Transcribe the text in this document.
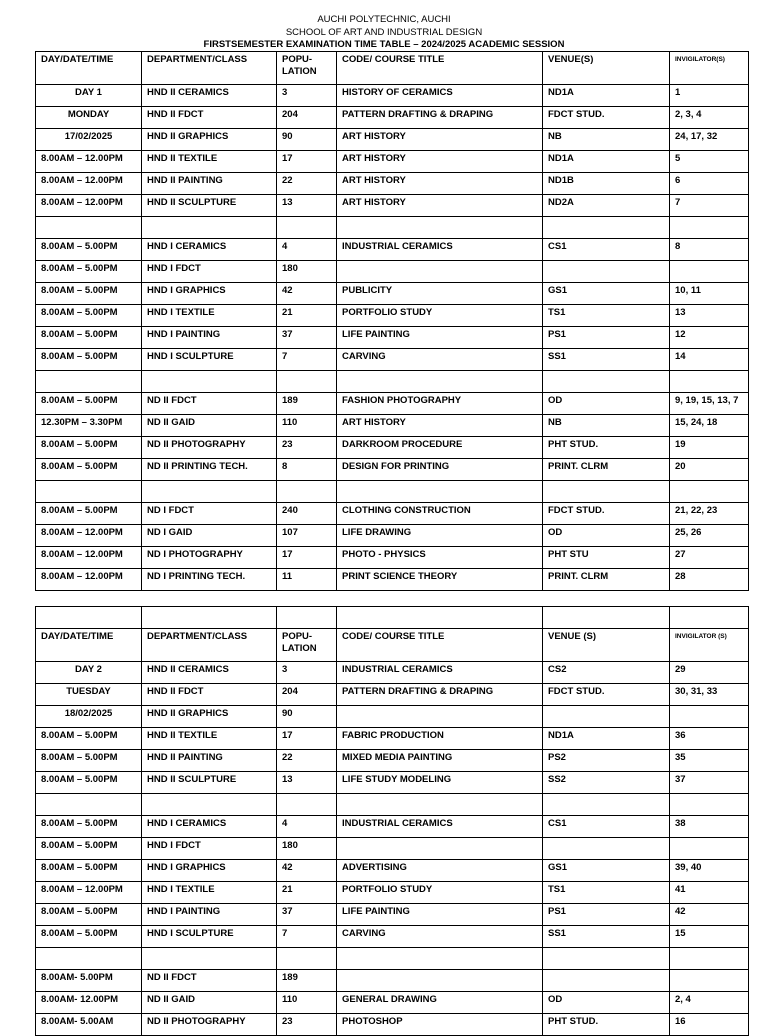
AUCHI POLYTECHNIC, AUCHI
SCHOOL OF ART AND INDUSTRIAL DESIGN
FIRSTSEMESTER EXAMINATION TIME TABLE – 2024/2025 ACADEMIC SESSION
DAY/DATE/TIME	DEPARTMENT/CLASS	POPU-LATION	CODE/ COURSE TITLE	VENUE(S)	INVIGILATOR(S)
DAY 1	HND II CERAMICS	3	HISTORY OF CERAMICS	ND1A	1
MONDAY	HND II FDCT	204	PATTERN DRAFTING & DRAPING	FDCT STUD.	2, 3, 4
17/02/2025	HND II GRAPHICS	90	ART HISTORY	NB	24, 17, 32
8.00AM – 12.00PM	HND II TEXTILE	17	ART HISTORY	ND1A	5
8.00AM – 12.00PM	HND II PAINTING	22	ART HISTORY	ND1B	6
8.00AM – 12.00PM	HND II SCULPTURE	13	ART HISTORY	ND2A	7

8.00AM – 5.00PM	HND I CERAMICS	4	INDUSTRIAL CERAMICS	CS1	8
8.00AM – 5.00PM	HND I FDCT	180			
8.00AM – 5.00PM	HND I GRAPHICS	42	PUBLICITY	GS1	10, 11
8.00AM – 5.00PM	HND I TEXTILE	21	PORTFOLIO STUDY	TS1	13
8.00AM – 5.00PM	HND I PAINTING	37	LIFE PAINTING	PS1	12
8.00AM – 5.00PM	HND I SCULPTURE	7	CARVING	SS1	14

8.00AM – 5.00PM	ND II FDCT	189	FASHION PHOTOGRAPHY	OD	9, 19, 15, 13, 7
12.30PM – 3.30PM	ND II GAID	110	ART HISTORY	NB	15, 24, 18
8.00AM – 5.00PM	ND II PHOTOGRAPHY	23	DARKROOM PROCEDURE	PHT STUD.	19
8.00AM – 5.00PM	ND II PRINTING TECH.	8	DESIGN FOR PRINTING	PRINT. CLRM	20

8.00AM – 5.00PM	ND I FDCT	240	CLOTHING CONSTRUCTION	FDCT STUD.	21, 22, 23
8.00AM – 12.00PM	ND I GAID	107	LIFE DRAWING	OD	25, 26
8.00AM – 12.00PM	ND I PHOTOGRAPHY	17	PHOTO - PHYSICS	PHT STU	27
8.00AM – 12.00PM	ND I PRINTING TECH.	11	PRINT SCIENCE THEORY	PRINT. CLRM	28

DAY/DATE/TIME	DEPARTMENT/CLASS	POPU-LATION	CODE/ COURSE TITLE	VENUE (S)	INVIGILATOR (S)
DAY 2	HND II CERAMICS	3	INDUSTRIAL CERAMICS	CS2	29
TUESDAY	HND II FDCT	204	PATTERN DRAFTING & DRAPING	FDCT STUD.	30, 31, 33
18/02/2025	HND II GRAPHICS	90			
8.00AM – 5.00PM	HND II TEXTILE	17	FABRIC PRODUCTION	ND1A	36
8.00AM – 5.00PM	HND II PAINTING	22	MIXED MEDIA PAINTING	PS2	35
8.00AM – 5.00PM	HND II SCULPTURE	13	LIFE STUDY MODELING	SS2	37

8.00AM – 5.00PM	HND I CERAMICS	4	INDUSTRIAL CERAMICS	CS1	38
8.00AM – 5.00PM	HND I FDCT	180			
8.00AM – 5.00PM	HND I GRAPHICS	42	ADVERTISING	GS1	39, 40
8.00AM – 12.00PM	HND I TEXTILE	21	PORTFOLIO STUDY	TS1	41
8.00AM – 5.00PM	HND I PAINTING	37	LIFE PAINTING	PS1	42
8.00AM – 5.00PM	HND I SCULPTURE	7	CARVING	SS1	15

8.00AM- 5.00PM	ND II FDCT	189			
8.00AM- 12.00PM	ND II GAID	110	GENERAL DRAWING	OD	2, 4
8.00AM- 5.00AM	ND II PHOTOGRAPHY	23	PHOTOSHOP	PHT STUD.	16
